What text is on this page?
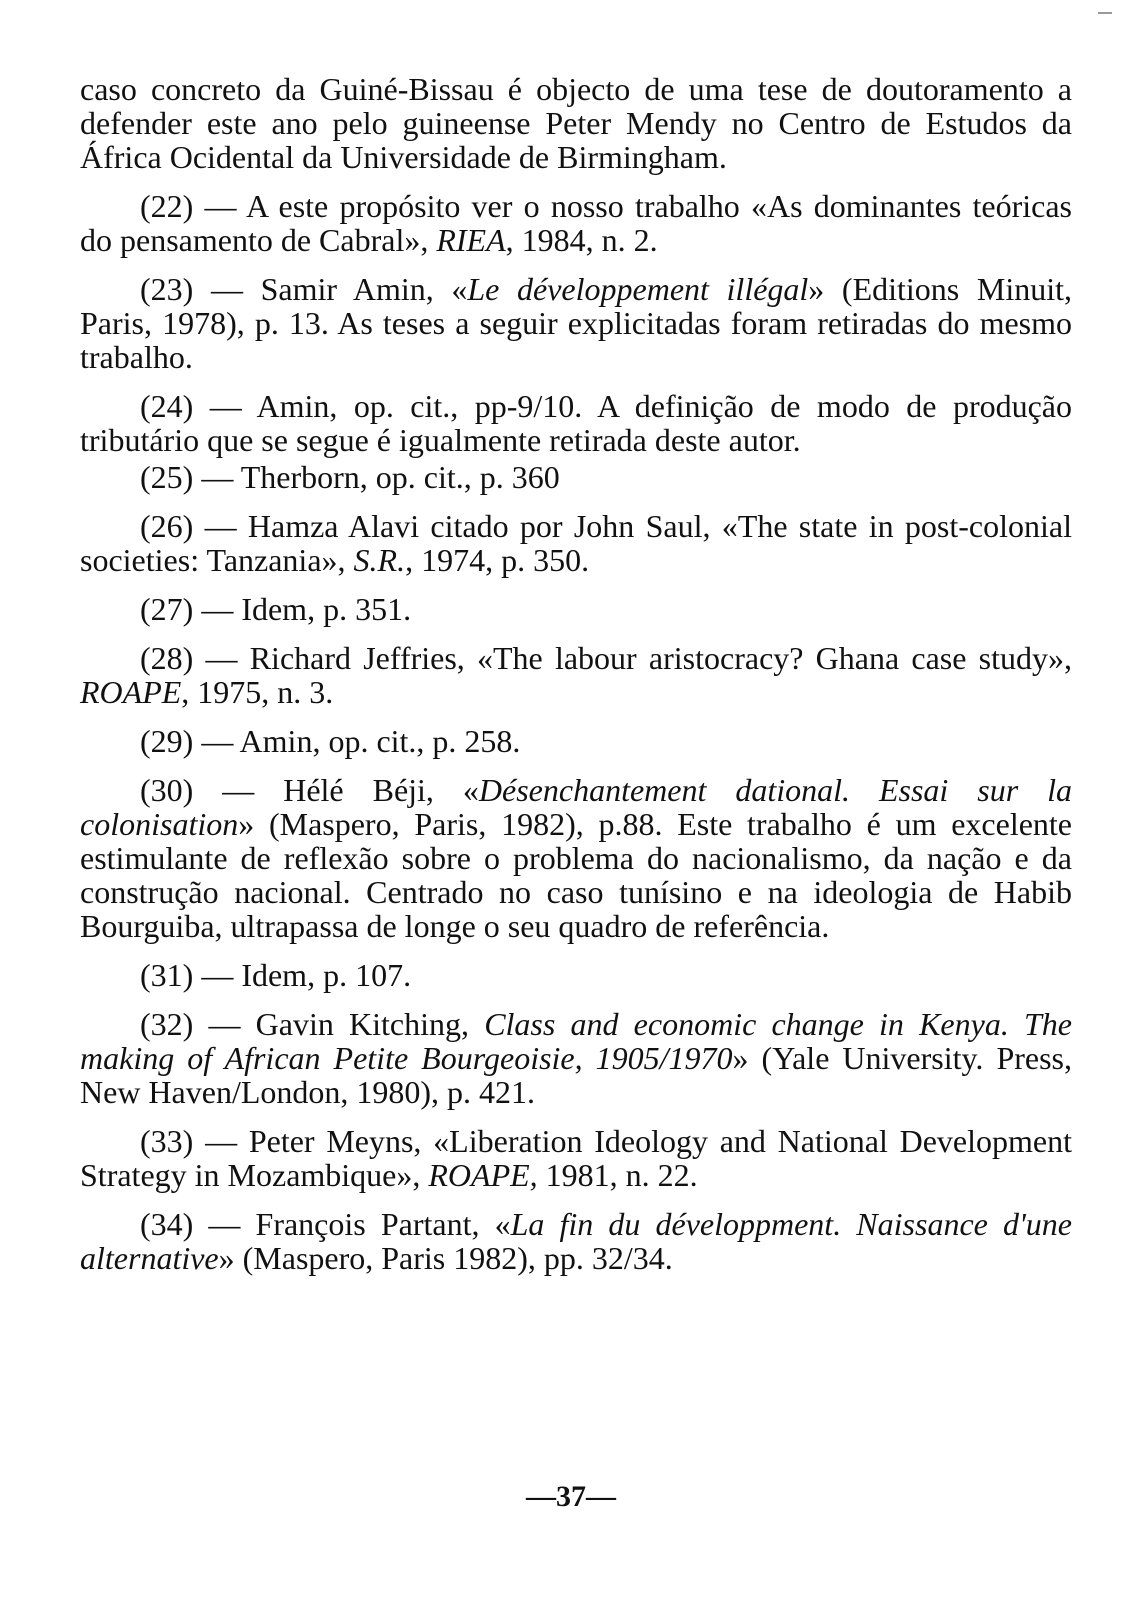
caso concreto da Guiné-Bissau é objecto de uma tese de doutoramento a defender este ano pelo guineense Peter Mendy no Centro de Estudos da África Ocidental da Universidade de Birmingham.

(22) — A este propósito ver o nosso trabalho «As dominantes teóricas do pensamento de Cabral», RIEA, 1984, n. 2.

(23) — Samir Amin, «Le développement illégal» (Editions Minuit, Paris, 1978), p. 13. As teses a seguir explicitadas foram retiradas do mesmo trabalho.

(24) — Amin, op. cit., pp-9/10. A definição de modo de produção tributário que se segue é igualmente retirada deste autor.

(25) — Therborn, op. cit., p. 360

(26) — Hamza Alavi citado por John Saul, «The state in post-colonial societies: Tanzania», S.R., 1974, p. 350.

(27) — Idem, p. 351.

(28) — Richard Jeffries, «The labour aristocracy? Ghana case study», ROAPE, 1975, n. 3.

(29) — Amin, op. cit., p. 258.

(30) — Hélé Béji, «Désenchantement dational. Essai sur la colonisation» (Maspero, Paris, 1982), p.88. Este trabalho é um excelente estimulante de reflexão sobre o problema do nacionalismo, da nação e da construção nacional. Centrado no caso tunísino e na ideologia de Habib Bourguiba, ultrapassa de longe o seu quadro de referência.

(31) — Idem, p. 107.

(32) — Gavin Kitching, Class and economic change in Kenya. The making of African Petite Bourgeoisie, 1905/1970» (Yale University. Press, New Haven/London, 1980), p. 421.

(33) — Peter Meyns, «Liberation Ideology and National Development Strategy in Mozambique», ROAPE, 1981, n. 22.

(34) — François Partant, «La fin du développment. Naissance d'une alternative» (Maspero, Paris 1982), pp. 32/34.

—37—
